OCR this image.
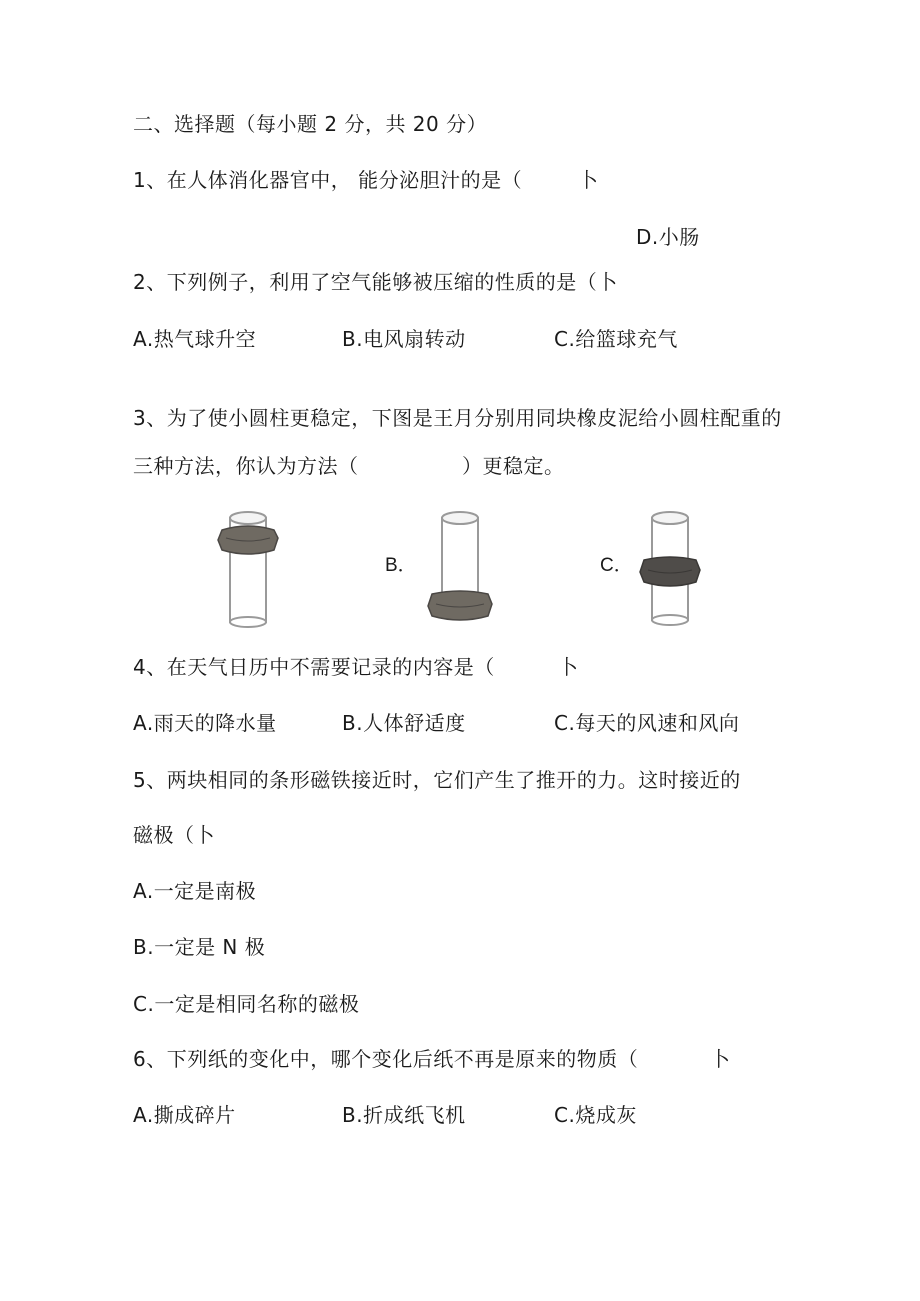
二、选择题（每小题 2 分，共 20 分）
1、在人体消化器官中， 能分泌胆汁的是（	卜
D.小肠
2、下列例子，利用了空气能够被压缩的性质的是（卜
A.热气球升空	B.电风扇转动	C.给篮球充气
3、为了使小圆柱更稳定，下图是王月分别用同块橡皮泥给小圆柱配重的
三种方法，你认为方法（	）更稳定。
B．	C．
4、在天气日历中不需要记录的内容是（	卜
A.雨天的降水量	B.人体舒适度	C.每天的风速和风向
5、两块相同的条形磁铁接近时，它们产生了推开的力。这时接近的
磁极（卜
A.一定是南极
B.一定是 N 极
C.一定是相同名称的磁极
6、下列纸的变化中，哪个变化后纸不再是原来的物质（	卜
A.撕成碎片	B.折成纸飞机	C.烧成灰
